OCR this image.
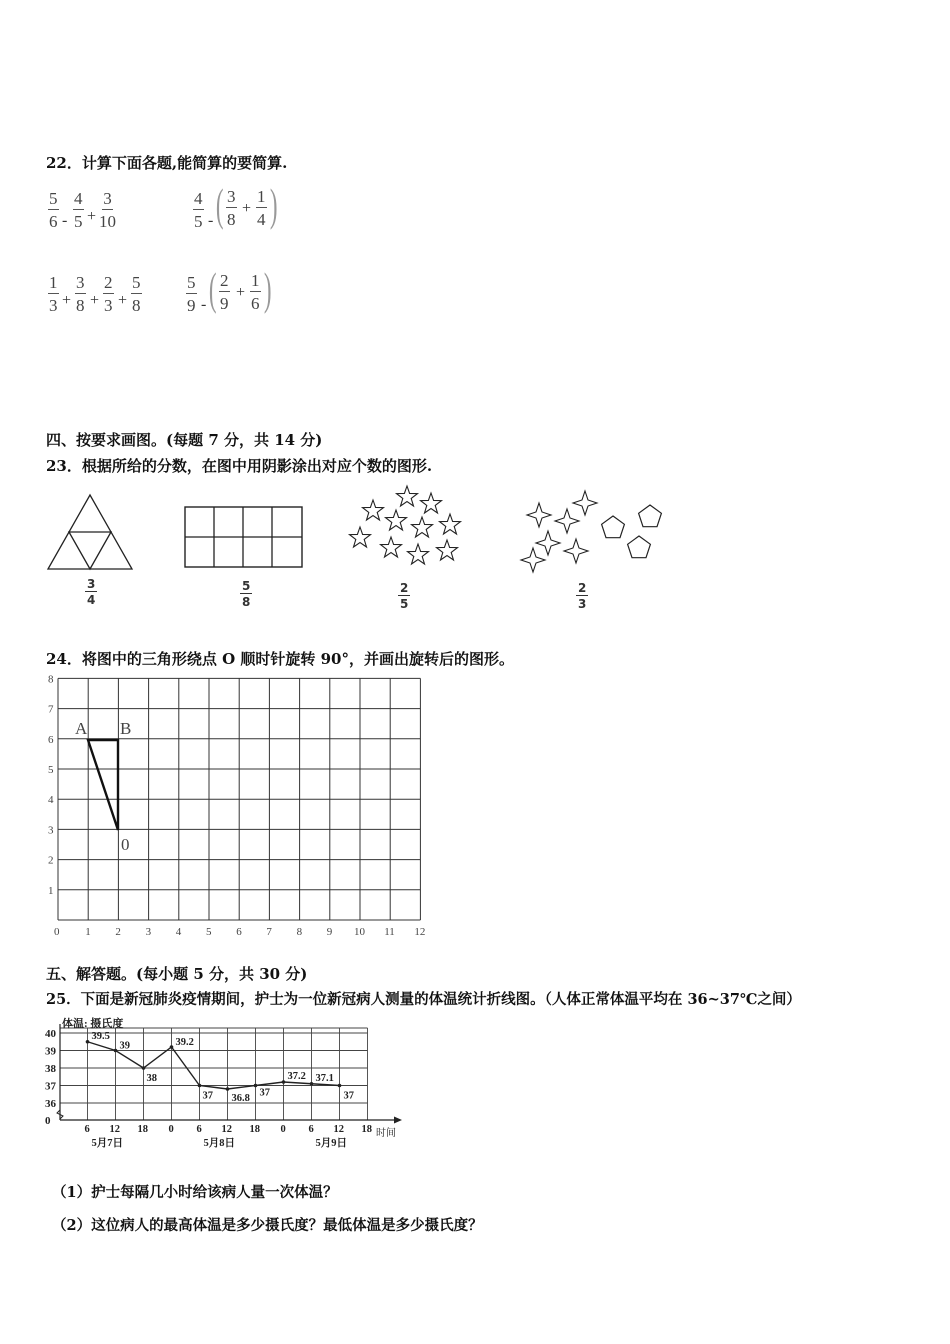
22．计算下面各题,能简算的要简算.
$\frac{5}{6} - \frac{4}{5} + \frac{3}{10}$	$\frac{4}{5}$ - ( $\frac{3}{8} + \frac{1}{4}$ )
$\frac{1}{3} + \frac{3}{8} + \frac{2}{3} + \frac{5}{8}$	$\frac{5}{9}$ - ( $\frac{2}{9} + \frac{1}{6}$ )
四、按要求画图。(每题 7 分，共 14 分)
23．根据所给的分数，在图中用阴影涂出对应个数的图形.
3
4
5
8
2
5
2
3
24．将图中的三角形绕点 O 顺时针旋转 90°，并画出旋转后的图形。
0 1 2 3 4 5 6 7 8 9 10 11 12
1
2
3
4
5
6
7
8
A B
0
五、解答题。(每小题 5 分，共 30 分)
25．下面是新冠肺炎疫情期间，护士为一位新冠病人测量的体温统计折线图。（人体正常体温平均在 36~37℃之间）
体温: 摄氏度
时间
40
39
38
37
36
0
6 12 18 0 6 12 18 0 6 12 18
5月7日	5月8日	5月9日
39.5
39
38
39.2
37 36.8 37
37.2 37.1
37
（1）护士每隔几小时给该病人量一次体温？
（2）这位病人的最高体温是多少摄氏度？最低体温是多少摄氏度？
